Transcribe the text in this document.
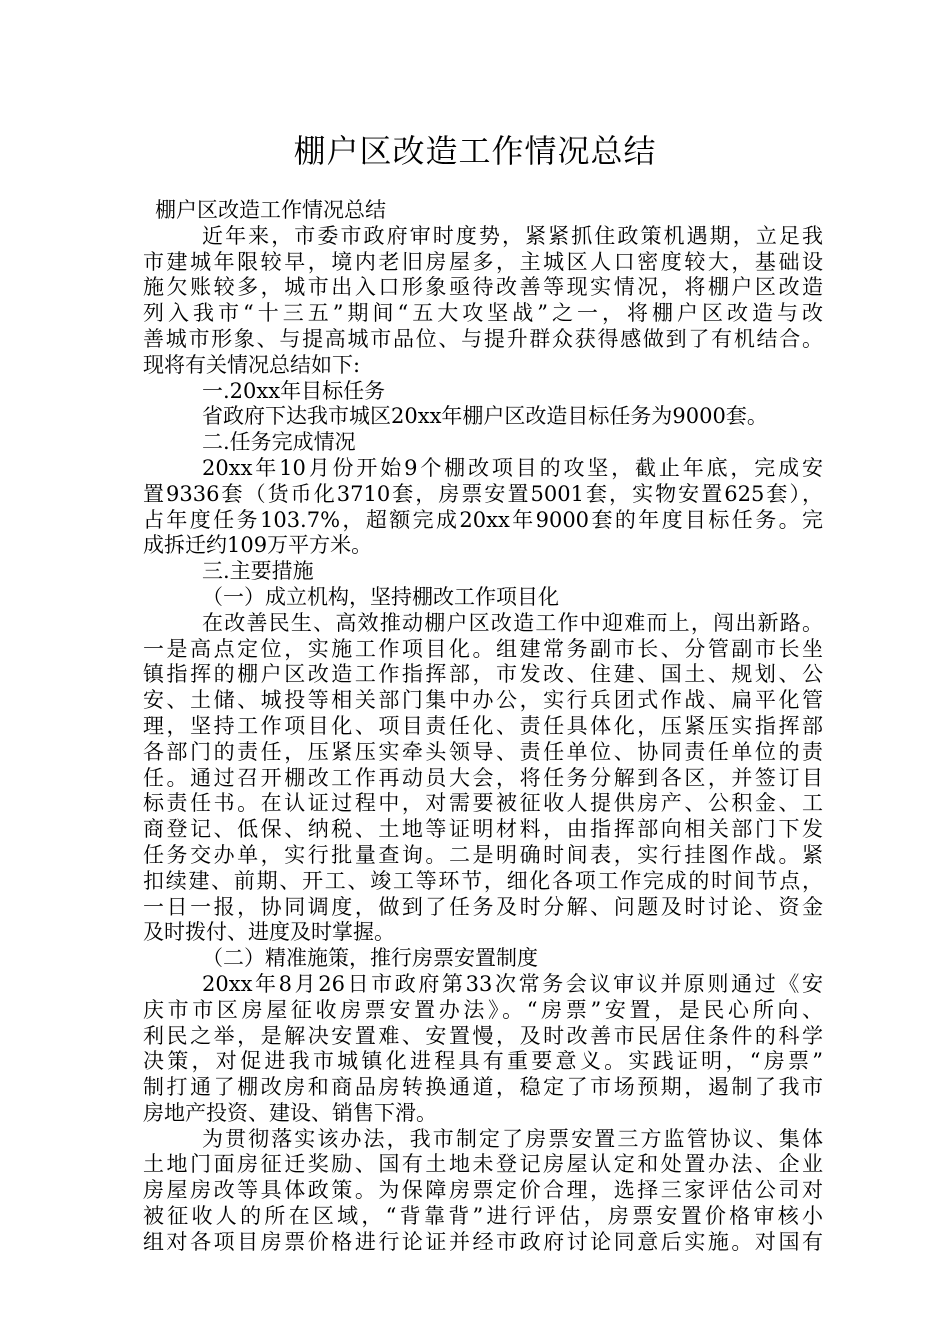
棚户区改造工作情况总结
棚户区改造工作情况总结
近年来，市委市政府审时度势，紧紧抓住政策机遇期，立足我
市建城年限较早，境内老旧房屋多，主城区人口密度较大，基础设
施欠账较多，城市出入口形象亟待改善等现实情况，将棚户区改造
列入我市“十三五”期间“五大攻坚战”之一，将棚户区改造与改
善城市形象、与提高城市品位、与提升群众获得感做到了有机结合。
现将有关情况总结如下:
一.20xx年目标任务
省政府下达我市城区20xx年棚户区改造目标任务为9000套。
二.任务完成情况
20xx年10月份开始9个棚改项目的攻坚，截止年底，完成安
置9336套（货币化3710套，房票安置5001套，实物安置625套），
占年度任务103.7%，超额完成20xx年9000套的年度目标任务。完
成拆迁约109万平方米。
三.主要措施
（一）成立机构，坚持棚改工作项目化
在改善民生、高效推动棚户区改造工作中迎难而上，闯出新路。
一是高点定位，实施工作项目化。组建常务副市长、分管副市长坐
镇指挥的棚户区改造工作指挥部，市发改、住建、国土、规划、公
安、土储、城投等相关部门集中办公，实行兵团式作战、扁平化管
理，坚持工作项目化、项目责任化、责任具体化，压紧压实指挥部
各部门的责任，压紧压实牵头领导、责任单位、协同责任单位的责
任。通过召开棚改工作再动员大会，将任务分解到各区，并签订目
标责任书。在认证过程中，对需要被征收人提供房产、公积金、工
商登记、低保、纳税、土地等证明材料，由指挥部向相关部门下发
任务交办单，实行批量查询。二是明确时间表，实行挂图作战。紧
扣续建、前期、开工、竣工等环节，细化各项工作完成的时间节点，
一日一报，协同调度，做到了任务及时分解、问题及时讨论、资金
及时拨付、进度及时掌握。
（二）精准施策，推行房票安置制度
20xx年8月26日市政府第33次常务会议审议并原则通过《安
庆市市区房屋征收房票安置办法》。“房票”安置，是民心所向、
利民之举，是解决安置难、安置慢，及时改善市民居住条件的科学
决策，对促进我市城镇化进程具有重要意义。实践证明，“房票”
制打通了棚改房和商品房转换通道，稳定了市场预期，遏制了我市
房地产投资、建设、销售下滑。
为贯彻落实该办法，我市制定了房票安置三方监管协议、集体
土地门面房征迁奖励、国有土地未登记房屋认定和处置办法、企业
房屋房改等具体政策。为保障房票定价合理，选择三家评估公司对
被征收人的所在区域，“背靠背”进行评估，房票安置价格审核小
组对各项目房票价格进行论证并经市政府讨论同意后实施。对国有
